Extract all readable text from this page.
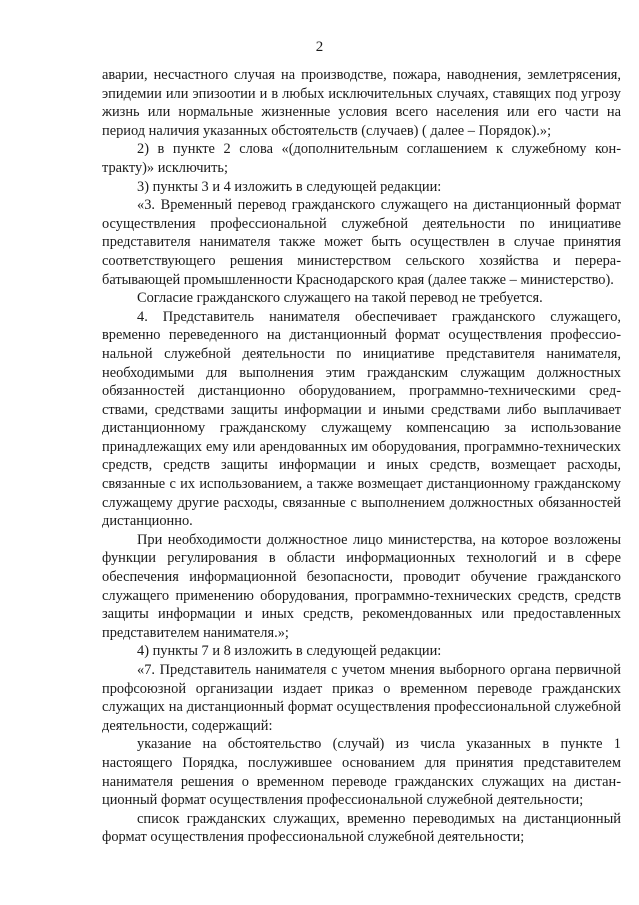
2

аварии, несчастного случая на производстве, пожара, наводнения, землетрясения, эпидемии или эпизоотии и в любых исключительных случаях, ставящих под угрозу жизнь или нормальные жизненные условия всего населения или его части на период наличия указанных обстоятельств (случаев) ( далее – Порядок).»;

2) в пункте 2 слова «(дополнительным соглашением к служебному контракту)» исключить;

3) пункты 3 и 4 изложить в следующей редакции:

«3. Временный перевод гражданского служащего на дистанционный формат осуществления профессиональной служебной деятельности по инициативе представителя нанимателя также может быть осуществлен в случае принятия соответствующего решения министерством сельского хозяйства и перерабатывающей промышленности Краснодарского края (далее также – министерство).

Согласие гражданского служащего на такой перевод не требуется.

4. Представитель нанимателя обеспечивает гражданского служащего, временно переведенного на дистанционный формат осуществления профессиональной служебной деятельности по инициативе представителя нанимателя, необходимыми для выполнения этим гражданским служащим должностных обязанностей дистанционно оборудованием, программно-техническими средствами, средствами защиты информации и иными средствами либо выплачивает дистанционному гражданскому служащему компенсацию за использование принадлежащих ему или арендованных им оборудования, программно-технических средств, средств защиты информации и иных средств, возмещает расходы, связанные с их использованием, а также возмещает дистанционному гражданскому служащему другие расходы, связанные с выполнением должностных обязанностей дистанционно.

При необходимости должностное лицо министерства, на которое возложены функции регулирования в области информационных технологий и в сфере обеспечения информационной безопасности, проводит обучение гражданского служащего применению оборудования, программно-технических средств, средств защиты информации и иных средств, рекомендованных или предоставленных представителем нанимателя.»;

4) пункты 7 и 8 изложить в следующей редакции:

«7. Представитель нанимателя с учетом мнения выборного органа первичной профсоюзной организации издает приказ о временном переводе гражданских служащих на дистанционный формат осуществления профессиональной служебной деятельности, содержащий:

указание на обстоятельство (случай) из числа указанных в пункте 1 настоящего Порядка, послужившее основанием для принятия представителем нанимателя решения о временном переводе гражданских служащих на дистанционный формат осуществления профессиональной служебной деятельности;

список гражданских служащих, временно переводимых на дистанционный формат осуществления профессиональной служебной деятельности;
